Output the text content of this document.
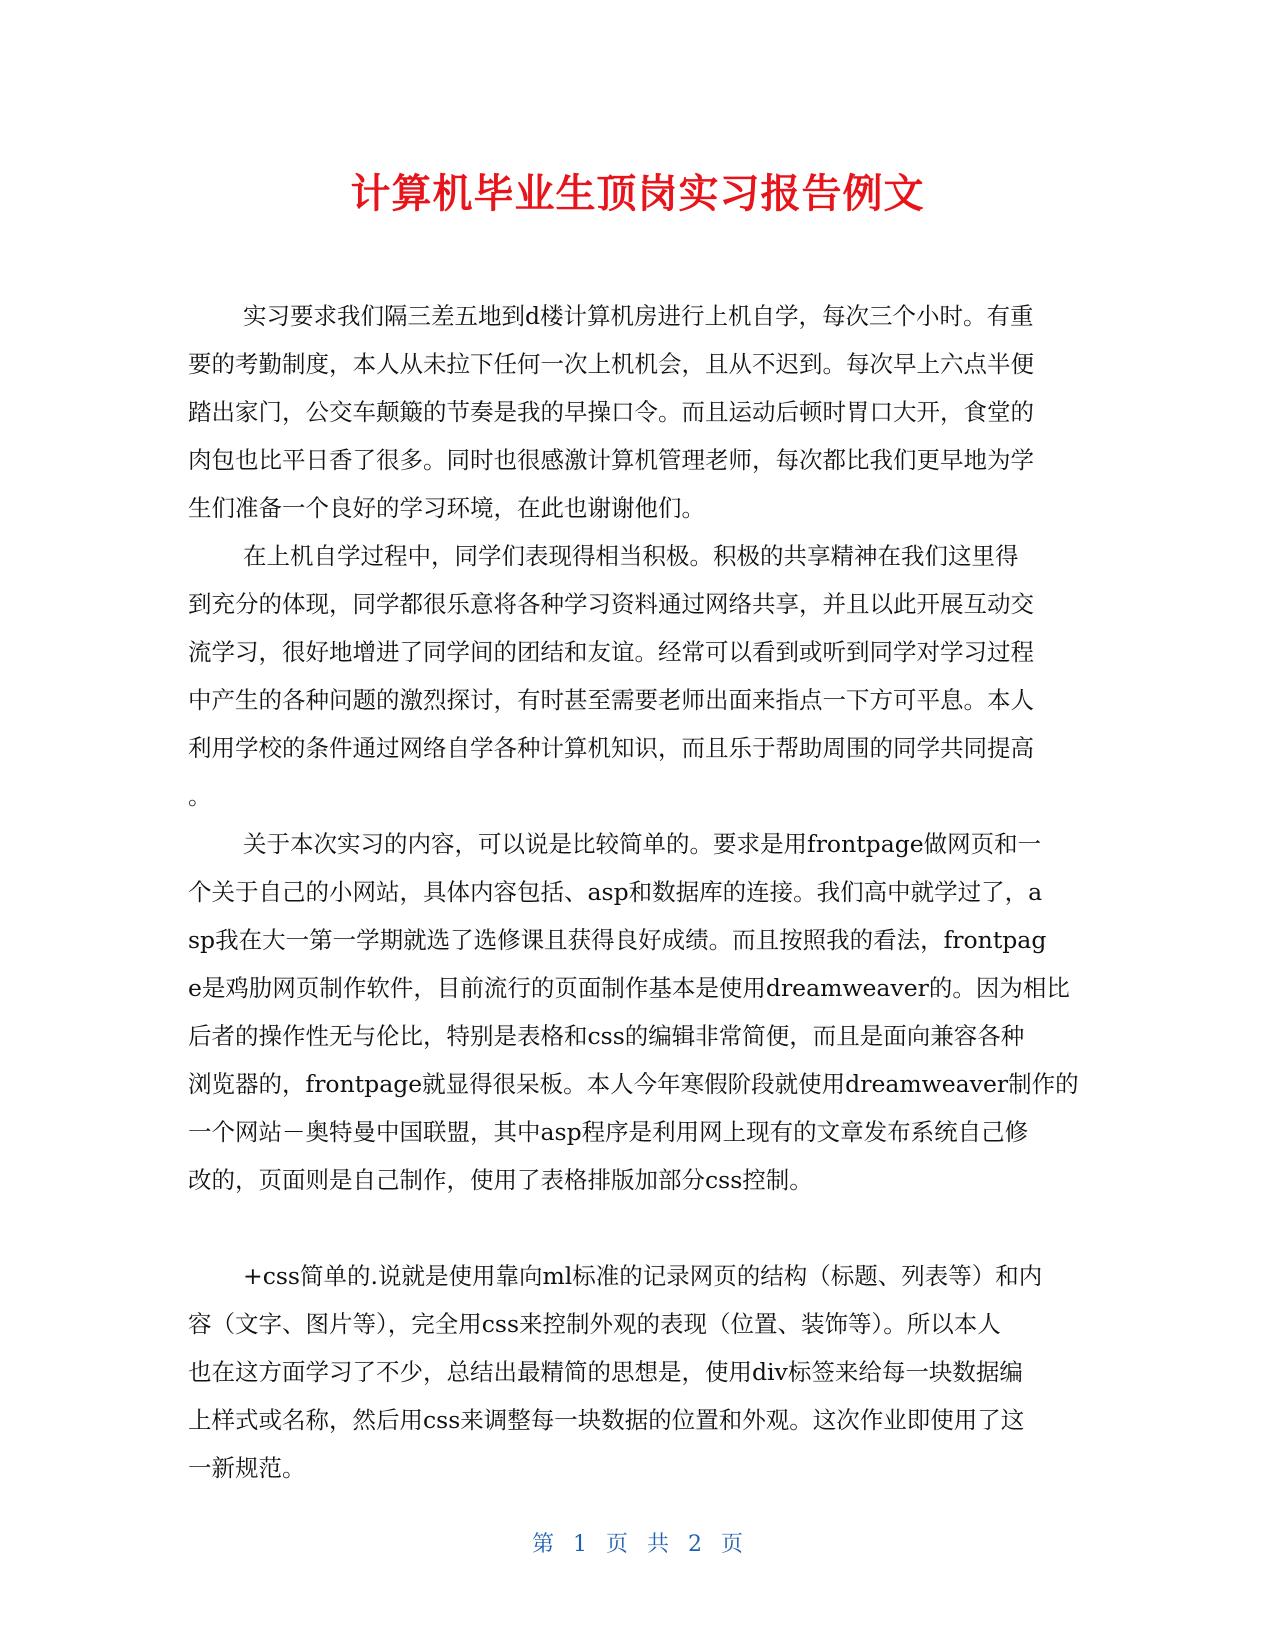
计算机毕业生顶岗实习报告例文
实习要求我们隔三差五地到d楼计算机房进行上机自学，每次三个小时。有重
要的考勤制度，本人从未拉下任何一次上机机会，且从不迟到。每次早上六点半便
踏出家门，公交车颠簸的节奏是我的早操口令。而且运动后顿时胃口大开，食堂的
肉包也比平日香了很多。同时也很感激计算机管理老师，每次都比我们更早地为学
生们准备一个良好的学习环境，在此也谢谢他们。
在上机自学过程中，同学们表现得相当积极。积极的共享精神在我们这里得
到充分的体现，同学都很乐意将各种学习资料通过网络共享，并且以此开展互动交
流学习，很好地增进了同学间的团结和友谊。经常可以看到或听到同学对学习过程
中产生的各种问题的激烈探讨，有时甚至需要老师出面来指点一下方可平息。本人
利用学校的条件通过网络自学各种计算机知识，而且乐于帮助周围的同学共同提高
。
关于本次实习的内容，可以说是比较简单的。要求是用frontpage做网页和一
个关于自己的小网站，具体内容包括、asp和数据库的连接。我们高中就学过了，a
sp我在大一第一学期就选了选修课且获得良好成绩。而且按照我的看法，frontpag
e是鸡肋网页制作软件，目前流行的页面制作基本是使用dreamweaver的。因为相比
后者的操作性无与伦比，特别是表格和css的编辑非常简便，而且是面向兼容各种
浏览器的，frontpage就显得很呆板。本人今年寒假阶段就使用dreamweaver制作的
一个网站－奥特曼中国联盟，其中asp程序是利用网上现有的文章发布系统自己修
改的，页面则是自己制作，使用了表格排版加部分css控制。
+css简单的.说就是使用靠向ml标准的记录网页的结构（标题、列表等）和内
容（文字、图片等），完全用css来控制外观的表现（位置、装饰等）。所以本人
也在这方面学习了不少，总结出最精简的思想是，使用div标签来给每一块数据编
上样式或名称，然后用css来调整每一块数据的位置和外观。这次作业即使用了这
一新规范。
第 1 页 共 2 页
